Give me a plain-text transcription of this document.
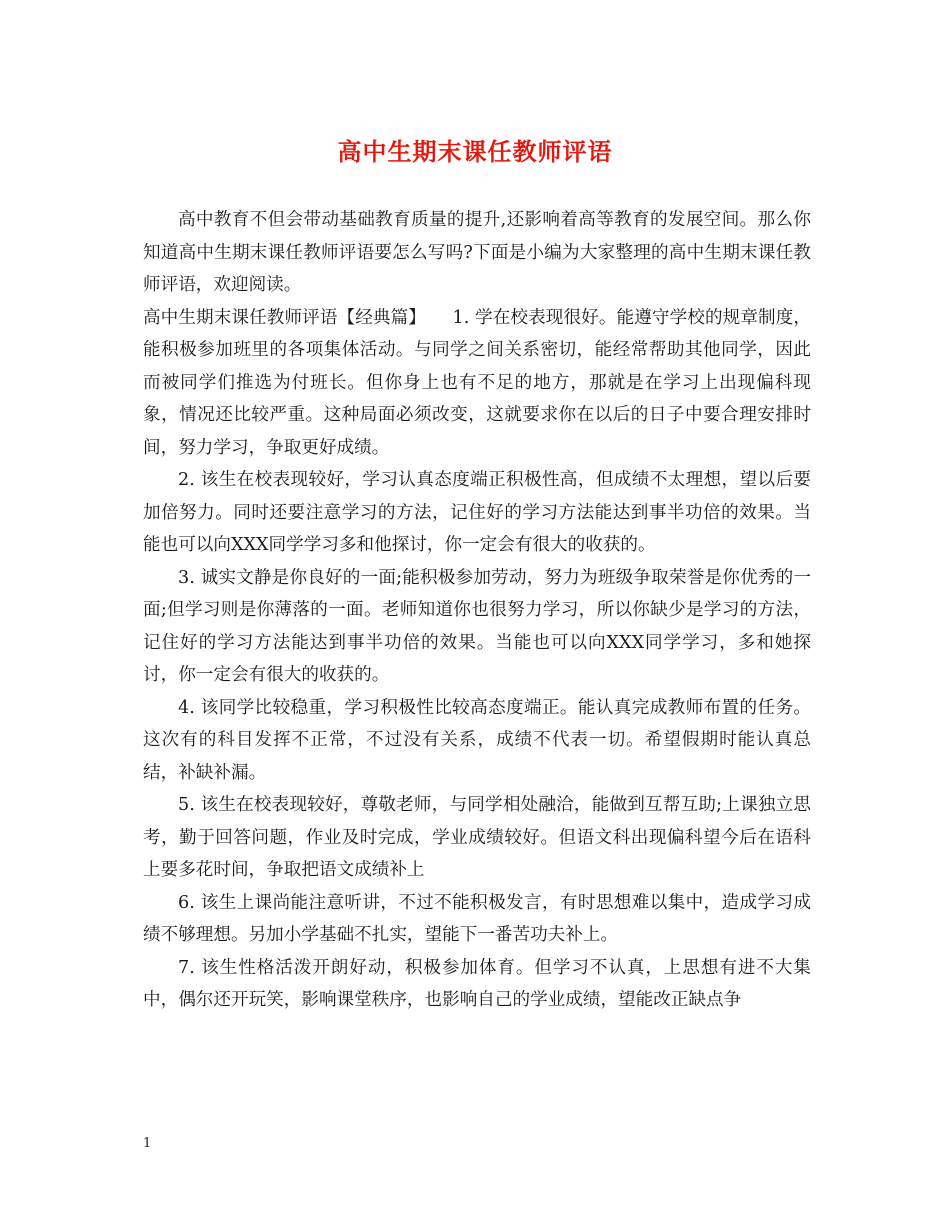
高中生期末课任教师评语

高中教育不但会带动基础教育质量的提升,还影响着高等教育的发展空间。那么你知道高中生期末课任教师评语要怎么写吗?下面是小编为大家整理的高中生期末课任教师评语，欢迎阅读。

高中生期末课任教师评语【经典篇】　　1. 学在校表现很好。能遵守学校的规章制度，能积极参加班里的各项集体活动。与同学之间关系密切，能经常帮助其他同学，因此而被同学们推选为付班长。但你身上也有不足的地方，那就是在学习上出现偏科现象，情况还比较严重。这种局面必须改变，这就要求你在以后的日子中要合理安排时间，努力学习，争取更好成绩。

2. 该生在校表现较好，学习认真态度端正积极性高，但成绩不太理想，望以后要加倍努力。同时还要注意学习的方法，记住好的学习方法能达到事半功倍的效果。当能也可以向XXX同学学习多和他探讨，你一定会有很大的收获的。

3. 诚实文静是你良好的一面;能积极参加劳动，努力为班级争取荣誉是你优秀的一面;但学习则是你薄落的一面。老师知道你也很努力学习，所以你缺少是学习的方法，记住好的学习方法能达到事半功倍的效果。当能也可以向XXX同学学习，多和她探讨，你一定会有很大的收获的。

4. 该同学比较稳重，学习积极性比较高态度端正。能认真完成教师布置的任务。这次有的科目发挥不正常，不过没有关系，成绩不代表一切。希望假期时能认真总结，补缺补漏。

5. 该生在校表现较好，尊敬老师，与同学相处融洽，能做到互帮互助;上课独立思考，勤于回答问题，作业及时完成，学业成绩较好。但语文科出现偏科望今后在语科上要多花时间，争取把语文成绩补上

6. 该生上课尚能注意听讲，不过不能积极发言，有时思想难以集中，造成学习成绩不够理想。另加小学基础不扎实，望能下一番苦功夫补上。

7. 该生性格活泼开朗好动，积极参加体育。但学习不认真，上思想有进不大集中，偶尔还开玩笑，影响课堂秩序，也影响自己的学业成绩，望能改正缺点争

1
